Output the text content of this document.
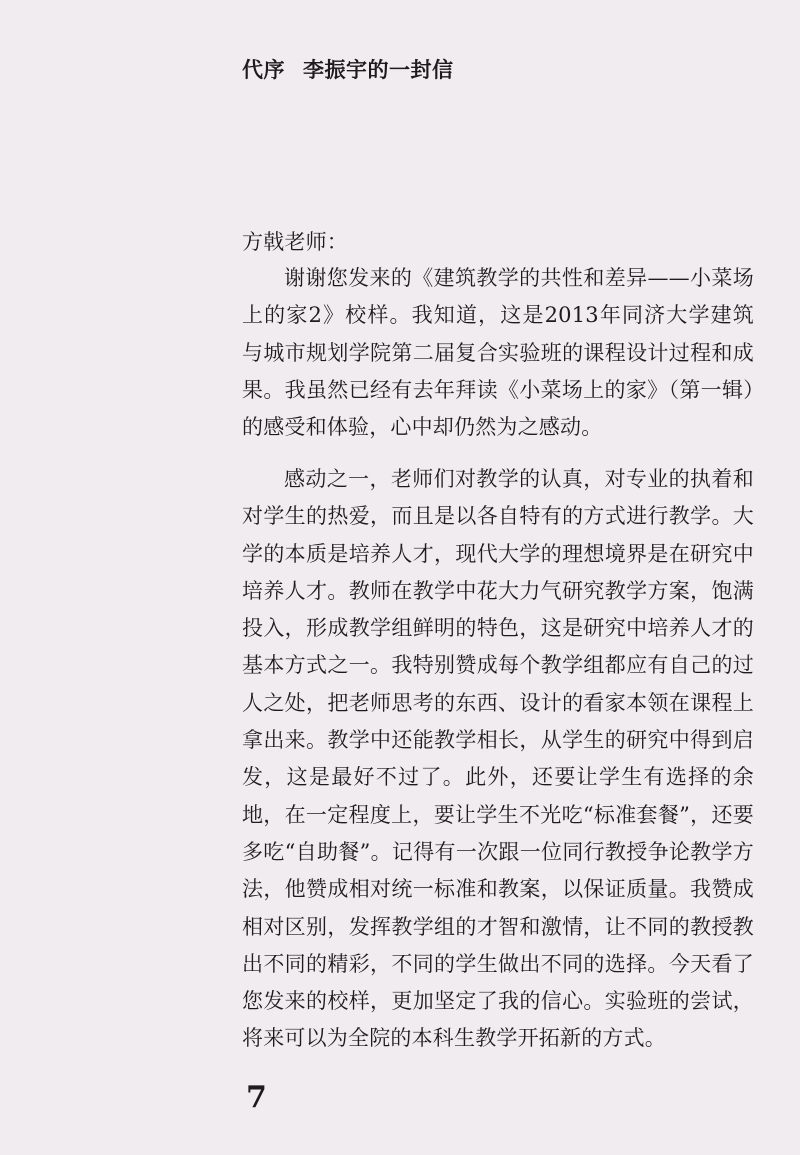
代序 李振宇的一封信
方戟老师：
谢谢您发来的《建筑教学的共性和差异——小菜场上的家2》校样。我知道，这是2013年同济大学建筑与城市规划学院第二届复合实验班的课程设计过程和成果。我虽然已经有去年拜读《小菜场上的家》（第一辑）的感受和体验，心中却仍然为之感动。
感动之一，老师们对教学的认真，对专业的执着和对学生的热爱，而且是以各自特有的方式进行教学。大学的本质是培养人才，现代大学的理想境界是在研究中培养人才。教师在教学中花大力气研究教学方案，饱满投入，形成教学组鲜明的特色，这是研究中培养人才的基本方式之一。我特别赞成每个教学组都应有自己的过人之处，把老师思考的东西、设计的看家本领在课程上拿出来。教学中还能教学相长，从学生的研究中得到启发，这是最好不过了。此外，还要让学生有选择的余地，在一定程度上，要让学生不光吃“标准套餐”，还要多吃“自助餐”。记得有一次跟一位同行教授争论教学方法，他赞成相对统一标准和教案，以保证质量。我赞成相对区别，发挥教学组的才智和激情，让不同的教授教出不同的精彩，不同的学生做出不同的选择。今天看了您发来的校样，更加坚定了我的信心。实验班的尝试，将来可以为全院的本科生教学开拓新的方式。
7
